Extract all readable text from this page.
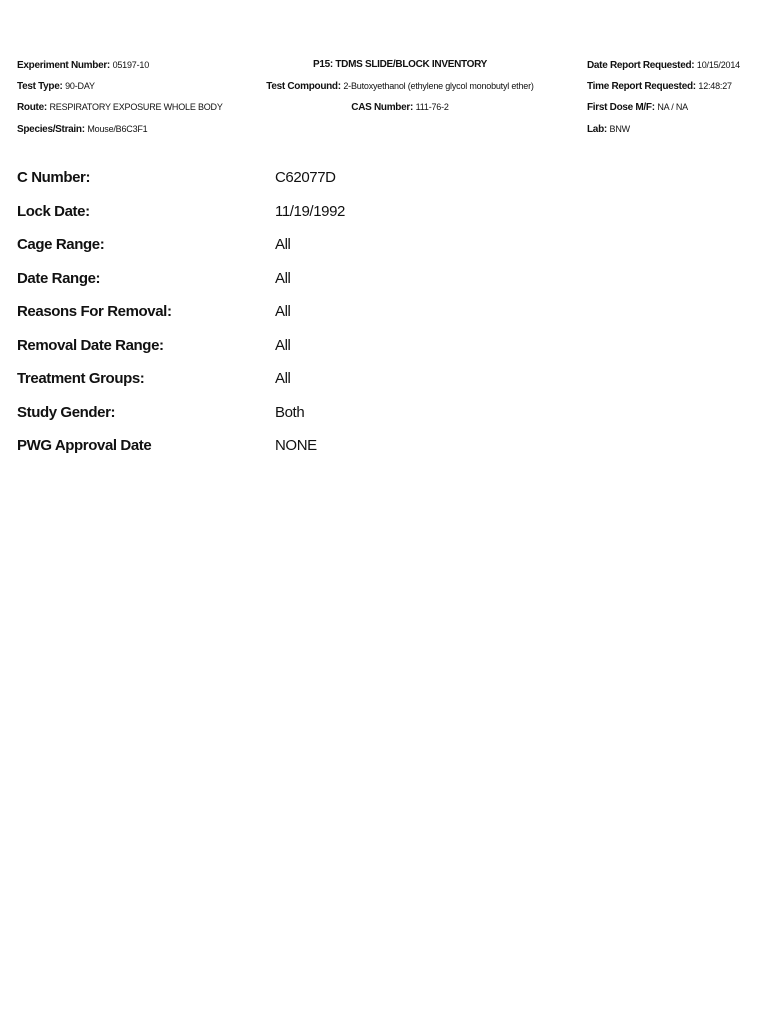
Experiment Number: 05197-10
Test Type: 90-DAY
Route: RESPIRATORY EXPOSURE WHOLE BODY
Species/Strain: Mouse/B6C3F1
P15: TDMS SLIDE/BLOCK INVENTORY
Test Compound: 2-Butoxyethanol (ethylene glycol monobutyl ether)
CAS Number: 111-76-2
Date Report Requested: 10/15/2014
Time Report Requested: 12:48:27
First Dose M/F: NA / NA
Lab: BNW
C Number:	C62077D
Lock Date:	11/19/1992
Cage Range:	All
Date Range:	All
Reasons For Removal:	All
Removal Date Range:	All
Treatment Groups:	All
Study Gender:	Both
PWG Approval Date	NONE
